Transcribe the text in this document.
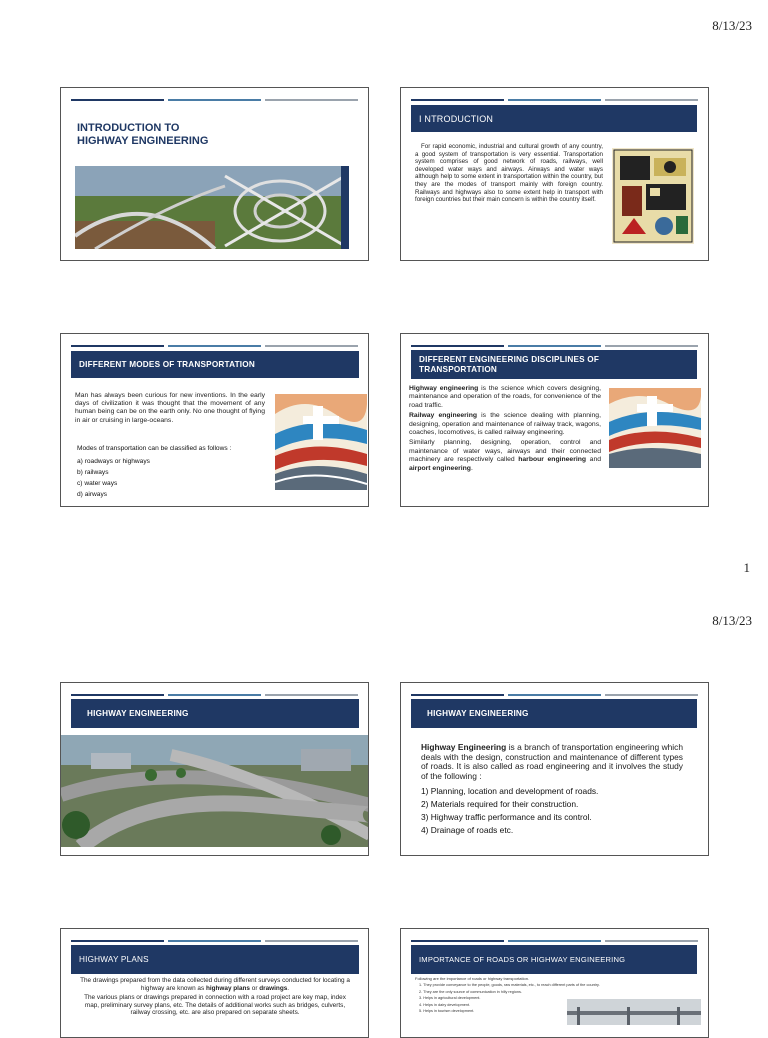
8/13/23
INTRODUCTION TO
HIGHWAY ENGINEERING
I NTRODUCTION
For rapid economic, industrial and cultural growth of any country, a good system of transportation is very essential. Transportation system comprises of good network of roads, railways, well developed water ways and airways. Airways and water ways although help to some extent in transportation within the country, but they are the modes of transport mainly with foreign country. Railways and highways also to some extent help in transport with foreign countries but their main concern is within the country itself.
DIFFERENT MODES OF TRANSPORTATION
Man has always been curious for new inventions. In the early days of civilization it was thought that the movement of any human being can be on the earth only. No one thought of flying in air or cruising in large-oceans.
Modes of transportation can be classified as follows :
a) roadways or highways
b) railways
c) water ways
d) airways
DIFFERENT ENGINEERING DISCIPLINES OF TRANSPORTATION

Highway engineering is the science which covers designing, maintenance and operation of the roads, for convenience of the road traffic.

Railway engineering is the science dealing with planning, designing, operation and maintenance of railway track, wagons, coaches, locomotives, is called railway engineering.

Similarly planning, designing, operation, control and maintenance of water ways, airways and their connected machinery are respectively called harbour engineering and airport engineering.

1
8/13/23
HIGHWAY ENGINEERING	HIGHWAY ENGINEERING
Highway Engineering is a branch of transportation engineering which deals with the design, construction and maintenance of different types of roads. It is also called as road engineering and it involves the study of the following :
1) Planning, location and development of roads.
2) Materials required for their construction.
3) Highway traffic performance and its control.
4) Drainage of roads etc.
HIGHWAY PLANS

The drawings prepared from the data collected during different surveys conducted for locating a highway are known as highway plans or drawings.

The various plans or drawings prepared in connection with a road project are key map, index map, preliminary survey plans, etc. The details of additional works such as bridges, culverts, railway crossing, etc. are also prepared on separate sheets.

IMPORTANCE OF ROADS OR HIGHWAY ENGINEERING
Following are the importance of roads or highway transportation.
1. They provide conveyance to the people, goods, raw materials, etc., to reach different parts of the country.
2. They are the only source of communication in hilly regions.
3. Helps in agricultural development.
4. Helps in dairy development.
5. Helps in tourism development.
